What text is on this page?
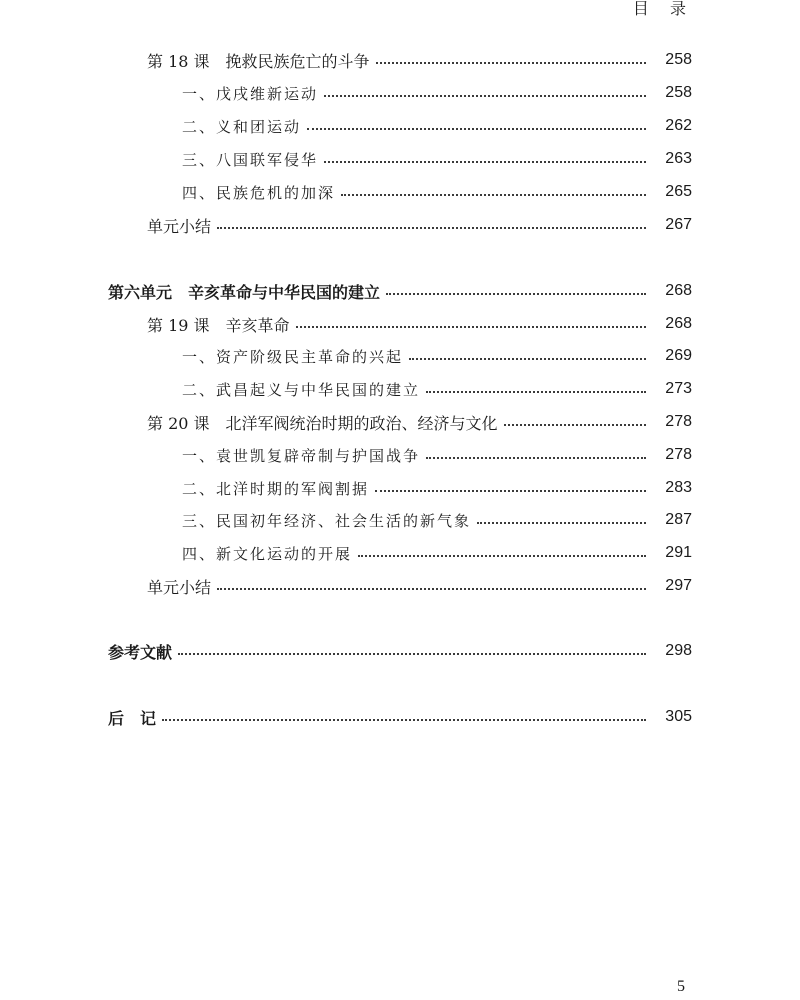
目 录
第 18 课　挽救民族危亡的斗争	258
一、戊戌维新运动	258
二、义和团运动	262
三、八国联军侵华	263
四、民族危机的加深	265
单元小结	267
第六单元　辛亥革命与中华民国的建立	268
第 19 课　辛亥革命	268
一、资产阶级民主革命的兴起	269
二、武昌起义与中华民国的建立	273
第 20 课　北洋军阀统治时期的政治、经济与文化	278
一、袁世凯复辟帝制与护国战争	278
二、北洋时期的军阀割据	283
三、民国初年经济、社会生活的新气象	287
四、新文化运动的开展	291
单元小结	297
参考文献	298
后　记	305
5
